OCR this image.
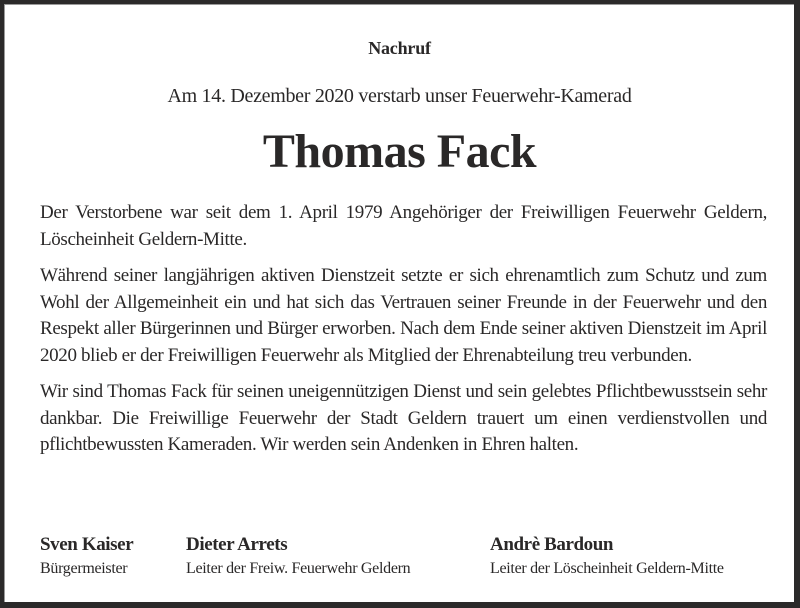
Nachruf
Am 14. Dezember 2020 verstarb unser Feuerwehr-Kamerad
Thomas Fack

Der Verstorbene war seit dem 1. April 1979 Angehöriger der Freiwilligen Feuerwehr Geldern, Löscheinheit Geldern-Mitte.

Während seiner langjährigen aktiven Dienstzeit setzte er sich ehrenamtlich zum Schutz und zum Wohl der Allgemeinheit ein und hat sich das Vertrauen seiner Freunde in der Feuerwehr und den Respekt aller Bürgerinnen und Bürger erworben. Nach dem Ende seiner aktiven Dienstzeit im April 2020 blieb er der Freiwilligen Feuerwehr als Mitglied der Ehrenabteilung treu verbunden.

Wir sind Thomas Fack für seinen uneigennützigen Dienst und sein gelebtes Pflichtbewusstsein sehr dankbar. Die Freiwillige Feuerwehr der Stadt Geldern trauert um einen verdienstvollen und pflichtbewussten Kameraden. Wir werden sein Andenken in Ehren halten.

Sven Kaiser
Bürgermeister
Dieter Arrets
Leiter der Freiw. Feuerwehr Geldern
Andrè Bardoun
Leiter der Löscheinheit Geldern-Mitte
